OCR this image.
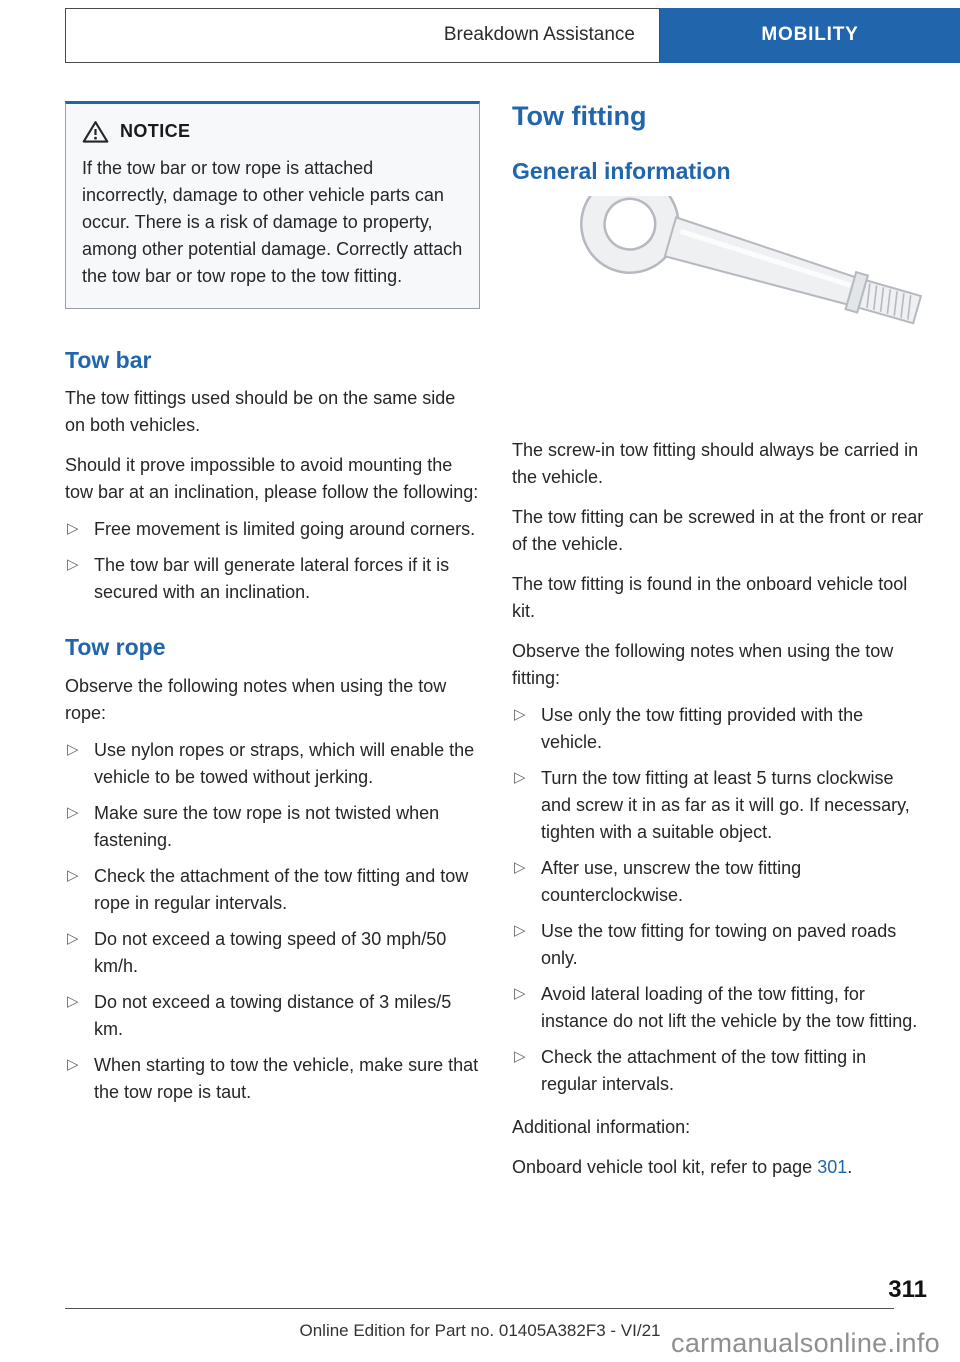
Breakdown Assistance	MOBILITY
NOTICE

If the tow bar or tow rope is attached incorrectly, damage to other vehicle parts can occur. There is a risk of damage to property, among other potential damage. Correctly attach the tow bar or tow rope to the tow fitting.

Tow bar

The tow fittings used should be on the same side on both vehicles.

Should it prove impossible to avoid mounting the tow bar at an inclination, please follow the following:

▷ Free movement is limited going around corners.
▷ The tow bar will generate lateral forces if it is secured with an inclination.
Tow rope

Observe the following notes when using the tow rope:

▷ Use nylon ropes or straps, which will enable the vehicle to be towed without jerking.
▷ Make sure the tow rope is not twisted when fastening.
▷ Check the attachment of the tow fitting and tow rope in regular intervals.
▷ Do not exceed a towing speed of 30 mph/50 km/h.
▷ Do not exceed a towing distance of 3 miles/5 km.
▷ When starting to tow the vehicle, make sure that the tow rope is taut.
Tow fitting
General information

The screw-in tow fitting should always be carried in the vehicle.

The tow fitting can be screwed in at the front or rear of the vehicle.

The tow fitting is found in the onboard vehicle tool kit.

Observe the following notes when using the tow fitting:

▷ Use only the tow fitting provided with the vehicle.
▷ Turn the tow fitting at least 5 turns clockwise and screw it in as far as it will go. If necessary, tighten with a suitable object.
▷ After use, unscrew the tow fitting counterclockwise.
▷ Use the tow fitting for towing on paved roads only.
▷ Avoid lateral loading of the tow fitting, for instance do not lift the vehicle by the tow fitting.
▷ Check the attachment of the tow fitting in regular intervals.

Additional information:

Onboard vehicle tool kit, refer to page 301.

311
Online Edition for Part no. 01405A382F3 - VI/21 carmanualsonline.info
